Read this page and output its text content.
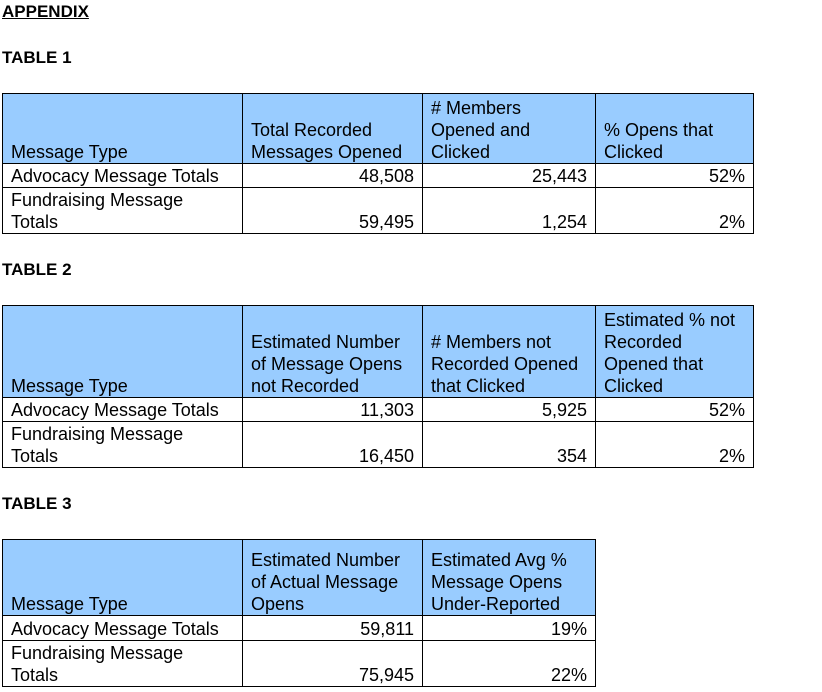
APPENDIX
TABLE 1
Message Type	Total Recorded Messages Opened	# Members Opened and Clicked	% Opens that Clicked
Advocacy Message Totals	48,508	25,443	52%
Fundraising Message Totals	59,495	1,254	2%
TABLE 2
Message Type	Estimated Number of Message Opens not Recorded	# Members not Recorded Opened that Clicked	Estimated % not Recorded Opened that Clicked
Advocacy Message Totals	11,303	5,925	52%
Fundraising Message Totals	16,450	354	2%
TABLE 3
Message Type	Estimated Number of Actual Message Opens	Estimated Avg % Message Opens Under-Reported
Advocacy Message Totals	59,811	19%
Fundraising Message Totals	75,945	22%
